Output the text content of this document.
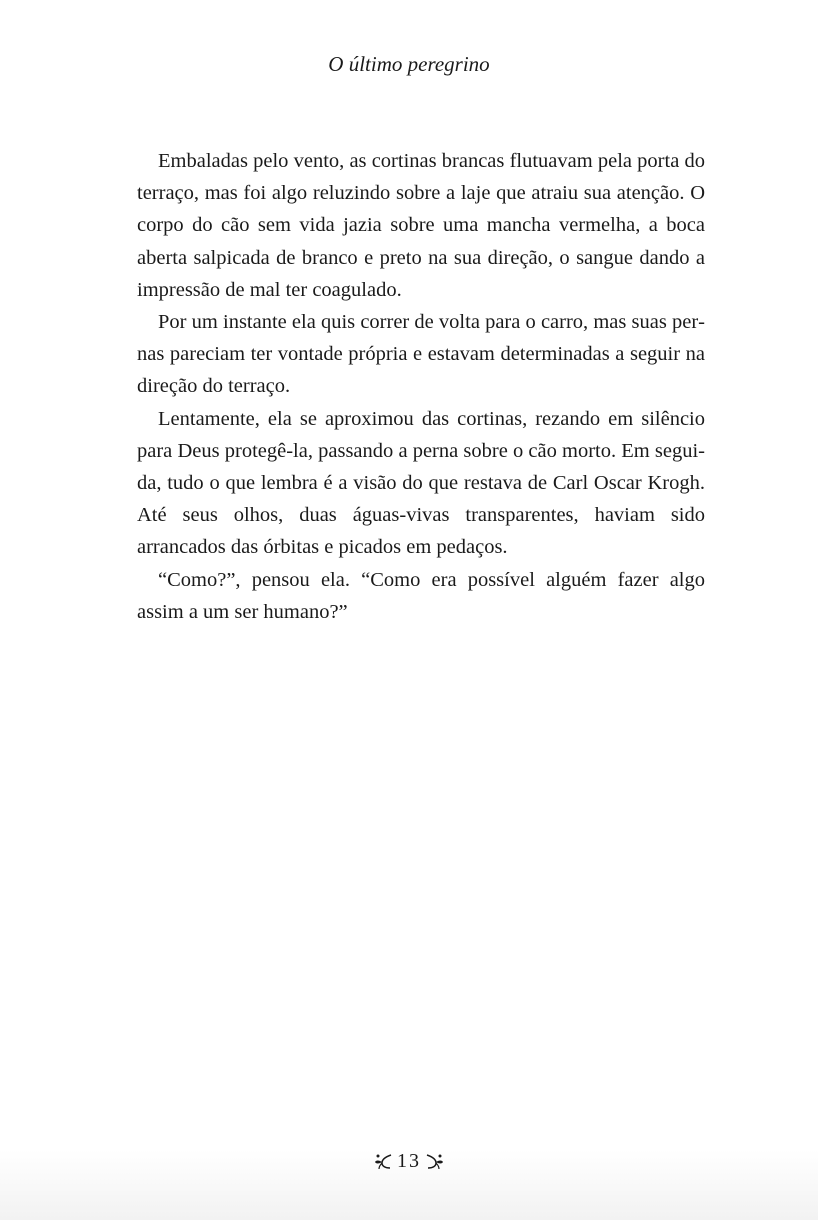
O último peregrino

Embaladas pelo vento, as cortinas brancas flutuavam pela porta do terraço, mas foi algo reluzindo sobre a laje que atraiu sua atenção. O corpo do cão sem vida jazia sobre uma mancha vermelha, a boca aberta salpicada de branco e preto na sua direção, o sangue dando a impressão de mal ter coagulado.

Por um instante ela quis correr de volta para o carro, mas suas pernas pareciam ter vontade própria e estavam determinadas a seguir na direção do terraço.

Lentamente, ela se aproximou das cortinas, rezando em silêncio para Deus protegê-la, passando a perna sobre o cão morto. Em seguida, tudo o que lembra é a visão do que restava de Carl Oscar Krogh. Até seus olhos, duas águas-vivas transparentes, haviam sido arrancados das órbitas e picados em pedaços.

“Como?”, pensou ela. “Como era possível alguém fazer algo assim a um ser humano?”

13
